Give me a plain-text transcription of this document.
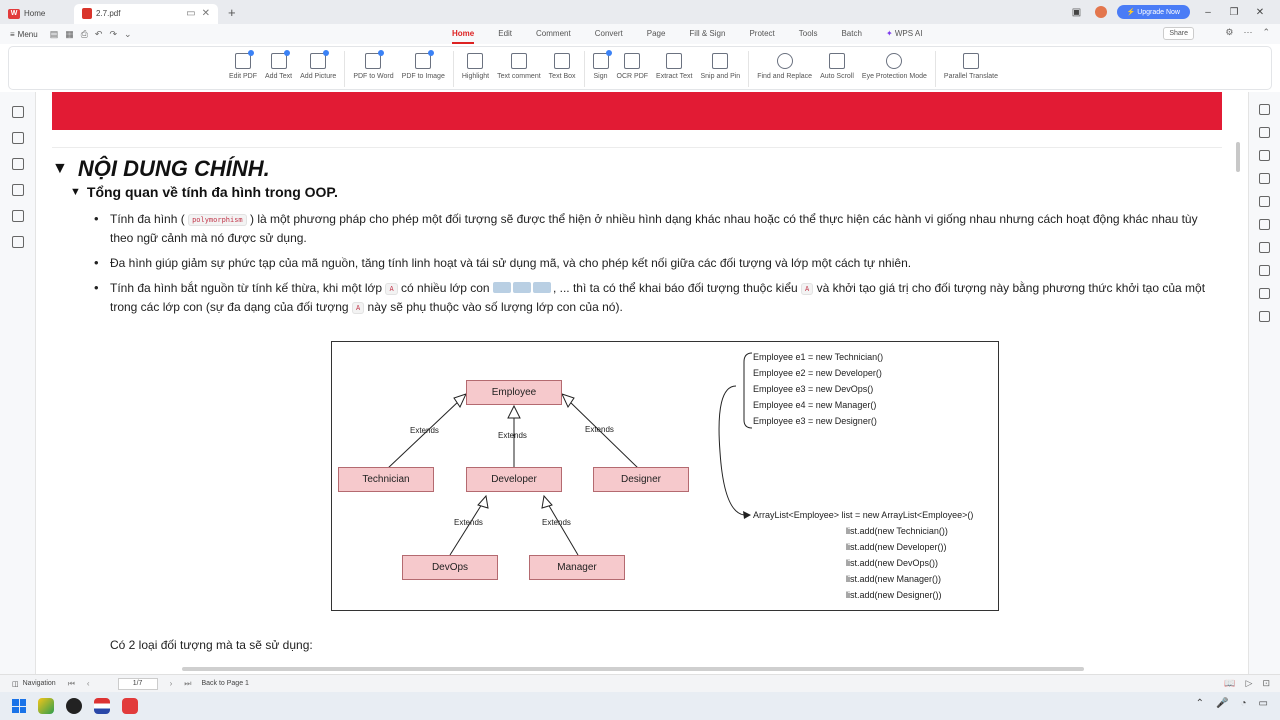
W Home	2.7.pdf	▭ ✕ +	▣	⚡ Upgrade Now	–	❐	✕
≡ Menu ▤ ▦ ⎙ ↶ ↷ ⌄	Home	Edit	Comment	Convert	Page	Fill & Sign	Protect	Tools	Batch	✦ WPS AI	Share	⚙ ⋯ ⌃
Edit PDF Add Text Add Picture PDF to Word PDF to Image Highlight Text comment Text Box	Sign OCR PDF Extract Text Snip and Pin Find and Replace Auto Scroll Eye Protection Mode Parallel Translate
▼ NỘI DUNG CHÍNH.
▼ Tổng quan về tính đa hình trong OOP.
• Tính đa hình ( polymorphism ) là một phương pháp cho phép một đối tượng sẽ được thể hiện ở nhiều hình dạng khác nhau hoặc có thể thực hiện các hành vi giống nhau nhưng cách hoạt động khác nhau tùy theo ngữ cảnh mà nó được sử dụng.
• Đa hình giúp giảm sự phức tạp của mã nguồn, tăng tính linh hoạt và tái sử dụng mã, và cho phép kết nối giữa các đối tượng và lớp một cách tự nhiên.
• Tính đa hình bắt nguồn từ tính kế thừa, khi một lớp A có nhiều lớp con	, ... thì ta có thể khai báo đối tượng thuộc kiểu A và khởi tạo giá trị cho đối tượng này bằng phương thức khởi tạo của một trong các lớp con (sự đa dạng của đối tượng A này sẽ phụ thuộc vào số lượng lớp con của nó).
Employee
Technician	Developer	Designer
DevOps	Manager
Extends
Extends
Extends
Extends	Extends
Employee e1 = new Technician()
Employee e2 = new Developer()
Employee e3 = new DevOps()
Employee e4 = new Manager()
Employee e3 = new Designer()
ArrayList<Employee> list = new ArrayList<Employee>()
list.add(new Technician())
list.add(new Developer())
list.add(new DevOps())
list.add(new Manager())
list.add(new Designer())
Có 2 loại đối tượng mà ta sẽ sử dụng:
◫ Navigation ⏮ ‹	1/7	› ⏭ Back to Page 1	📖 ▷ ⊡
⌃ 🎤 ◔ ▭
